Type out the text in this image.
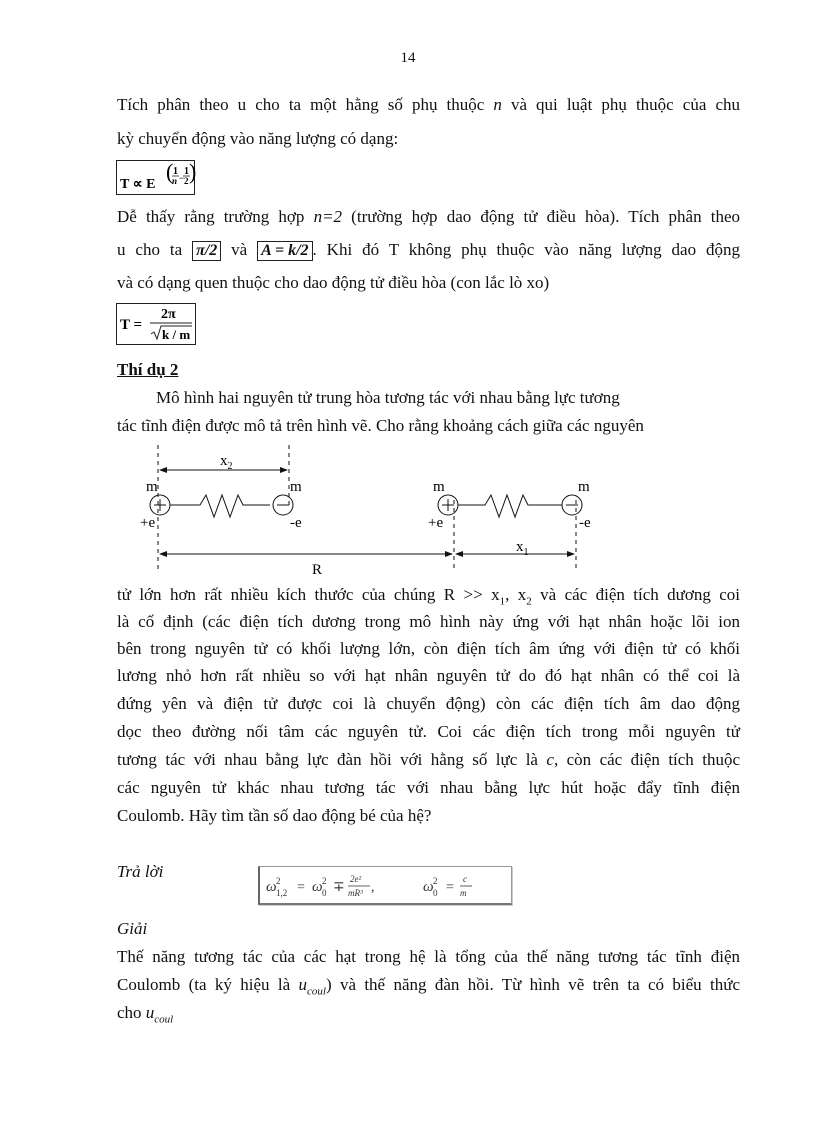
14
Tích phân theo u cho ta một hằng số phụ thuộc n và qui luật phụ thuộc của chu
kỳ chuyển động vào năng lượng có dạng:
T ∝ E
( 1
n −
1
2 )
Dễ thấy rằng trường hợp n=2 (trường hợp dao động tử điều hòa). Tích phân theo
u cho ta π/2 và A = k/2 . Khi đó T không phụ thuộc vào năng lượng dao động
và có dạng quen thuộc cho dao động tử điều hòa (con lắc lò xo)
T =
2π
k / m
Thí dụ 2
Mô hình hai nguyên tử trung hòa tương tác với nhau bằng lực tương
tác tĩnh điện được mô tả trên hình vẽ. Cho rằng khoảng cách giữa các nguyên
$x_2$
m	m	m	m
+e	-e	+e	-e
$x_1$
R
tử lớn hơn rất nhiều kích thước của chúng $R >> x_1$, $x_2$ và các điện tích dương coi
là cố định (các điện tích dương trong mô hình này ứng với hạt nhân hoặc lõi ion
bên trong nguyên tử có khối lượng lớn, còn điện tích âm ứng với điện tử có khối
lương nhỏ hơn rất nhiều so với hạt nhân nguyên tử do đó hạt nhân có thể coi là
đứng yên và điện tử được coi là chuyển động) còn các điện tích âm dao động
dọc theo đường nối tâm các nguyên tử. Coi các điện tích trong mỗi nguyên tử
tương tác với nhau bằng lực đàn hồi với hằng số lực là c, còn các điện tích thuộc
các nguyên tử khác nhau tương tác với nhau bằng lực hút hoặc đẩy tĩnh điện
Coulomb. Hãy tìm tần số dao động bé của hệ?
Trả lời
ω 2
1,2 = ω 2
0 ∓
2e²
mR³ ,	ω 2
0 =
c
m
Giải
Thế năng tương tác của các hạt trong hệ là tổng của thế năng tương tác tĩnh điện
Coulomb (ta ký hiệu là $u_{coul}$) và thế năng đàn hồi. Từ hình vẽ trên ta có biểu thức
cho $u_{coul}$
